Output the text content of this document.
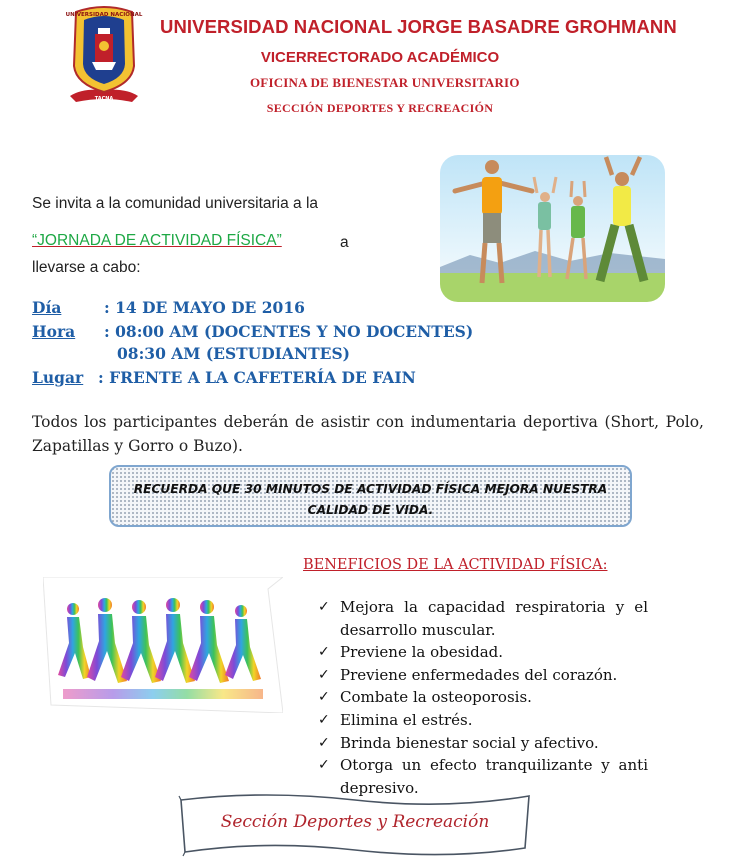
UNIVERSIDAD NACIONAL
TACNA
UNIVERSIDAD NACIONAL JORGE BASADRE GROHMANN
VICERRECTORADO ACADÉMICO
OFICINA DE BIENESTAR UNIVERSITARIO
SECCIÓN DEPORTES Y RECREACIÓN
Se invita a la comunidad universitaria a la
“JORNADA DE ACTIVIDAD FÍSICA”	a
llevarse a cabo:
Día	: 14 DE MAYO DE 2016
Hora : 08:00 AM (DOCENTES Y NO DOCENTES)
08:30 AM (ESTUDIANTES)
Lugar : FRENTE A LA CAFETERÍA DE FAIN
Todos los participantes deberán de asistir con indumentaria deportiva (Short, Polo, Zapatillas y Gorro o Buzo).
RECUERDA QUE 30 MINUTOS DE ACTIVIDAD FÍSICA MEJORA NUESTRA
CALIDAD DE VIDA.
BENEFICIOS DE LA ACTIVIDAD FÍSICA:
✓ Mejora la capacidad respiratoria y el desarrollo muscular.
✓ Previene la obesidad.
✓ Previene enfermedades del corazón.
✓ Combate la osteoporosis.
✓ Elimina el estrés.
✓ Brinda bienestar social y afectivo.
✓ Otorga un efecto tranquilizante y anti depresivo.
Sección Deportes y Recreación
